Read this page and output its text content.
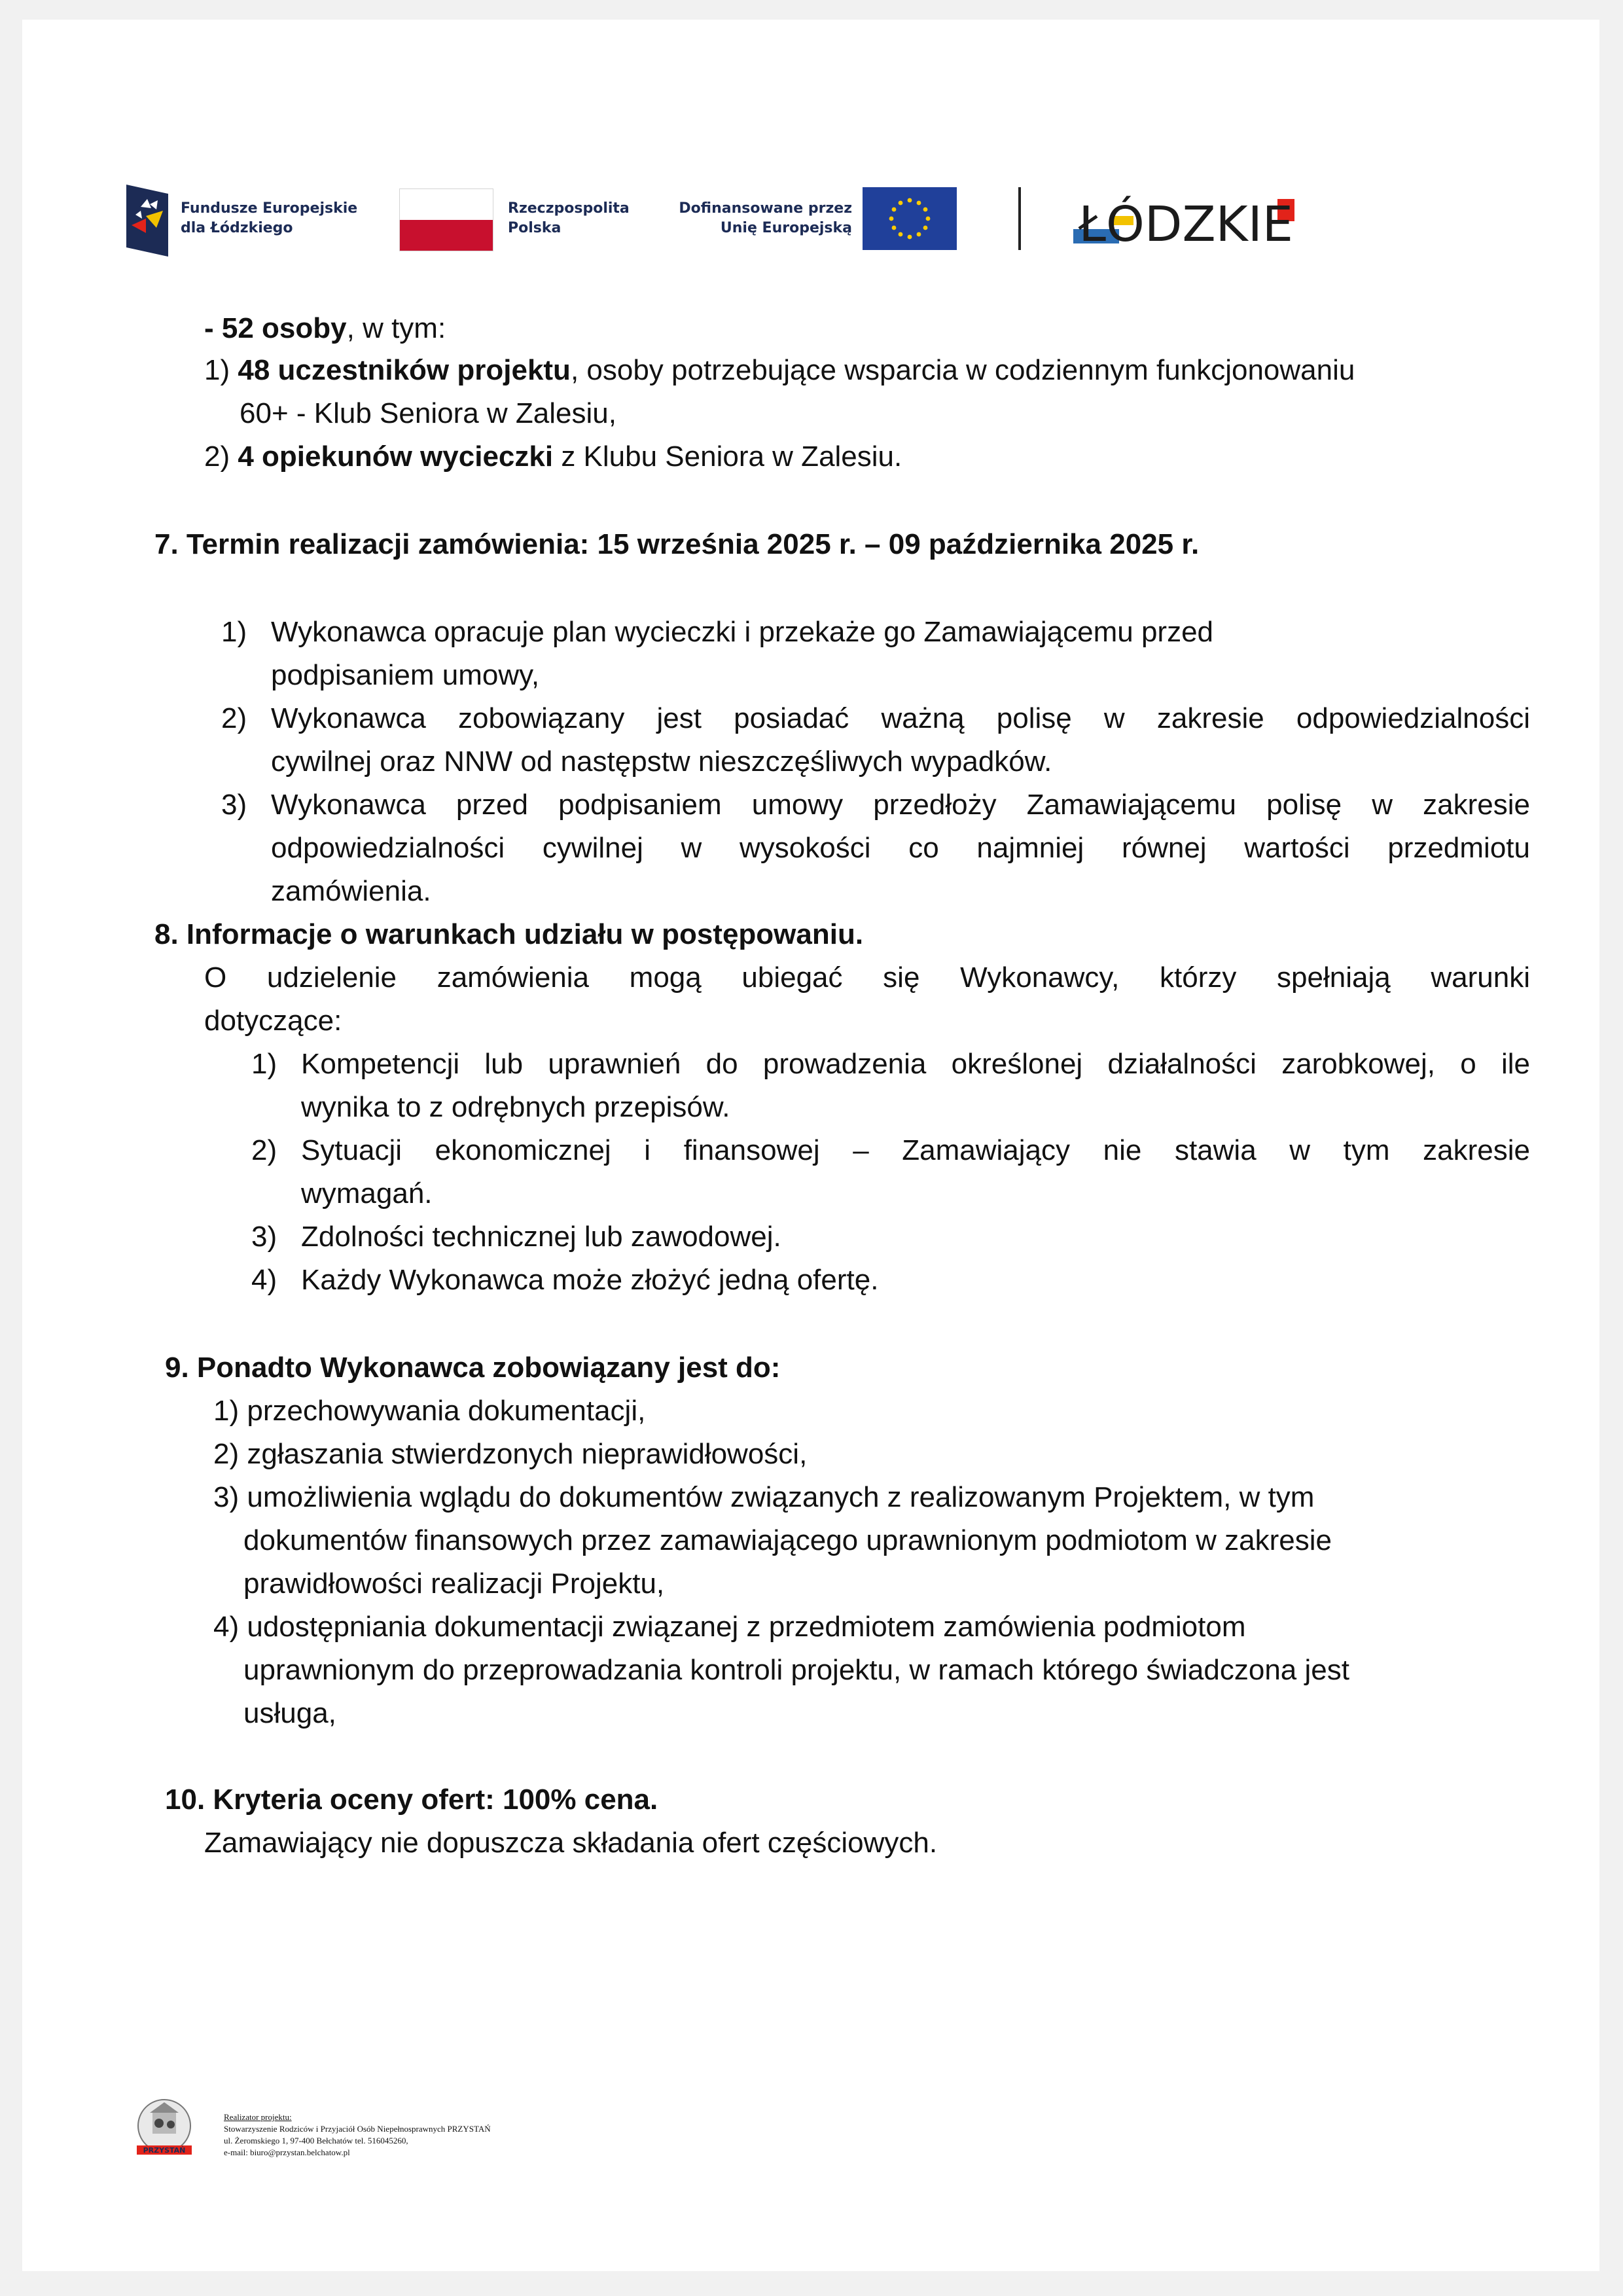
Fundusze Europejskie
dla Łódzkiego
Rzeczpospolita
Polska
Dofinansowane przez
Unię Europejską	ŁÓDZKIE
- 52 osoby, w tym:
1) 48 uczestników projektu, osoby potrzebujące wsparcia w codziennym funkcjonowaniu
60+ - Klub Seniora w Zalesiu,
2) 4 opiekunów wycieczki z Klubu Seniora w Zalesiu.
7. Termin realizacji zamówienia: 15 września 2025 r. – 09 października 2025 r.
1) Wykonawca opracuje plan wycieczki i przekaże go Zamawiającemu przed
podpisaniem umowy,
2) Wykonawca zobowiązany jest posiadać ważną polisę w zakresie odpowiedzialności
cywilnej oraz NNW od następstw nieszczęśliwych wypadków.
3) Wykonawca przed podpisaniem umowy przedłoży Zamawiającemu polisę w zakresie
odpowiedzialności cywilnej w wysokości co najmniej równej wartości przedmiotu
zamówienia.
8. Informacje o warunkach udziału w postępowaniu.
O udzielenie zamówienia mogą ubiegać się Wykonawcy, którzy spełniają warunki
dotyczące:
1) Kompetencji lub uprawnień do prowadzenia określonej działalności zarobkowej, o ile
wynika to z odrębnych przepisów.
2) Sytuacji ekonomicznej i finansowej – Zamawiający nie stawia w tym zakresie
wymagań.
3) Zdolności technicznej lub zawodowej.
4) Każdy Wykonawca może złożyć jedną ofertę.
9. Ponadto Wykonawca zobowiązany jest do:
1) przechowywania dokumentacji,
2) zgłaszania stwierdzonych nieprawidłowości,
3) umożliwienia wglądu do dokumentów związanych z realizowanym Projektem, w tym
dokumentów finansowych przez zamawiającego uprawnionym podmiotom w zakresie
prawidłowości realizacji Projektu,
4) udostępniania dokumentacji związanej z przedmiotem zamówienia podmiotom
uprawnionym do przeprowadzania kontroli projektu, w ramach którego świadczona jest
usługa,
10. Kryteria oceny ofert: 100% cena.
Zamawiający nie dopuszcza składania ofert częściowych.
PRZYSTAŃ
Realizator projektu:
Stowarzyszenie Rodziców i Przyjaciół Osób Niepełnosprawnych PRZYSTAŃ
ul. Żeromskiego 1, 97-400 Bełchatów tel. 516045260,
e-mail: biuro@przystan.belchatow.pl
